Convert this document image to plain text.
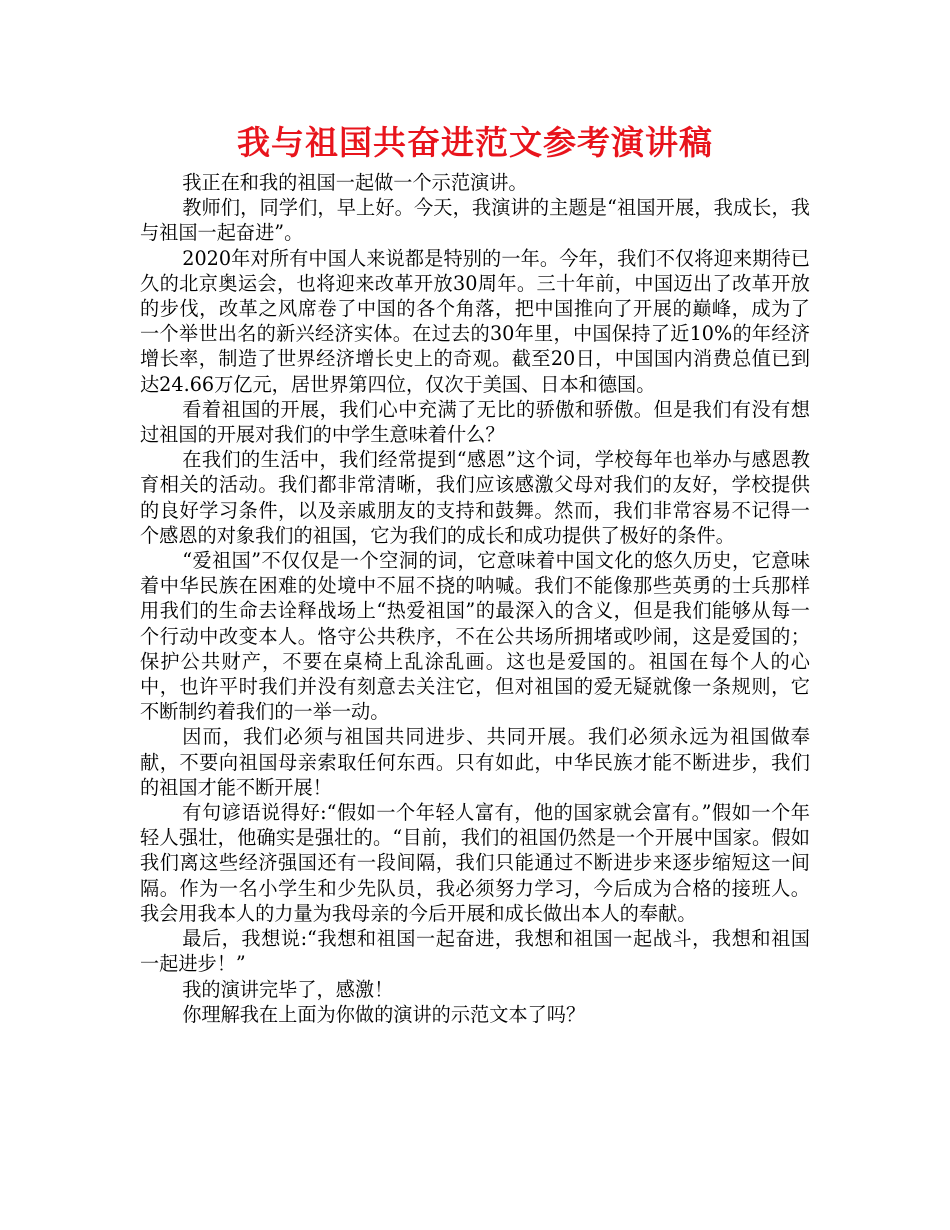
我与祖国共奋进范文参考演讲稿

我正在和我的祖国一起做一个示范演讲。

教师们，同学们，早上好。今天，我演讲的主题是“祖国开展，我成长，我与祖国一起奋进”。

2020年对所有中国人来说都是特别的一年。今年，我们不仅将迎来期待已久的北京奥运会，也将迎来改革开放30周年。三十年前，中国迈出了改革开放的步伐，改革之风席卷了中国的各个角落，把中国推向了开展的巅峰，成为了一个举世出名的新兴经济实体。在过去的30年里，中国保持了近10%的年经济增长率，制造了世界经济增长史上的奇观。截至20日，中国国内消费总值已到达24.66万亿元，居世界第四位，仅次于美国、日本和德国。

看着祖国的开展，我们心中充满了无比的骄傲和骄傲。但是我们有没有想过祖国的开展对我们的中学生意味着什么？

在我们的生活中，我们经常提到“感恩”这个词，学校每年也举办与感恩教育相关的活动。我们都非常清晰，我们应该感激父母对我们的友好，学校提供的良好学习条件，以及亲戚朋友的支持和鼓舞。然而，我们非常容易不记得一个感恩的对象我们的祖国，它为我们的成长和成功提供了极好的条件。

“爱祖国”不仅仅是一个空洞的词，它意味着中国文化的悠久历史，它意味着中华民族在困难的处境中不屈不挠的呐喊。我们不能像那些英勇的士兵那样用我们的生命去诠释战场上“热爱祖国”的最深入的含义，但是我们能够从每一个行动中改变本人。恪守公共秩序，不在公共场所拥堵或吵闹，这是爱国的；保护公共财产，不要在桌椅上乱涂乱画。这也是爱国的。祖国在每个人的心中，也许平时我们并没有刻意去关注它，但对祖国的爱无疑就像一条规则，它不断制约着我们的一举一动。

因而，我们必须与祖国共同进步、共同开展。我们必须永远为祖国做奉献，不要向祖国母亲索取任何东西。只有如此，中华民族才能不断进步，我们的祖国才能不断开展！

有句谚语说得好:“假如一个年轻人富有，他的国家就会富有。”假如一个年轻人强壮，他确实是强壮的。“目前，我们的祖国仍然是一个开展中国家。假如我们离这些经济强国还有一段间隔，我们只能通过不断进步来逐步缩短这一间隔。作为一名小学生和少先队员，我必须努力学习，今后成为合格的接班人。我会用我本人的力量为我母亲的今后开展和成长做出本人的奉献。

最后，我想说:“我想和祖国一起奋进，我想和祖国一起战斗，我想和祖国一起进步！”

我的演讲完毕了，感激！

你理解我在上面为你做的演讲的示范文本了吗？
